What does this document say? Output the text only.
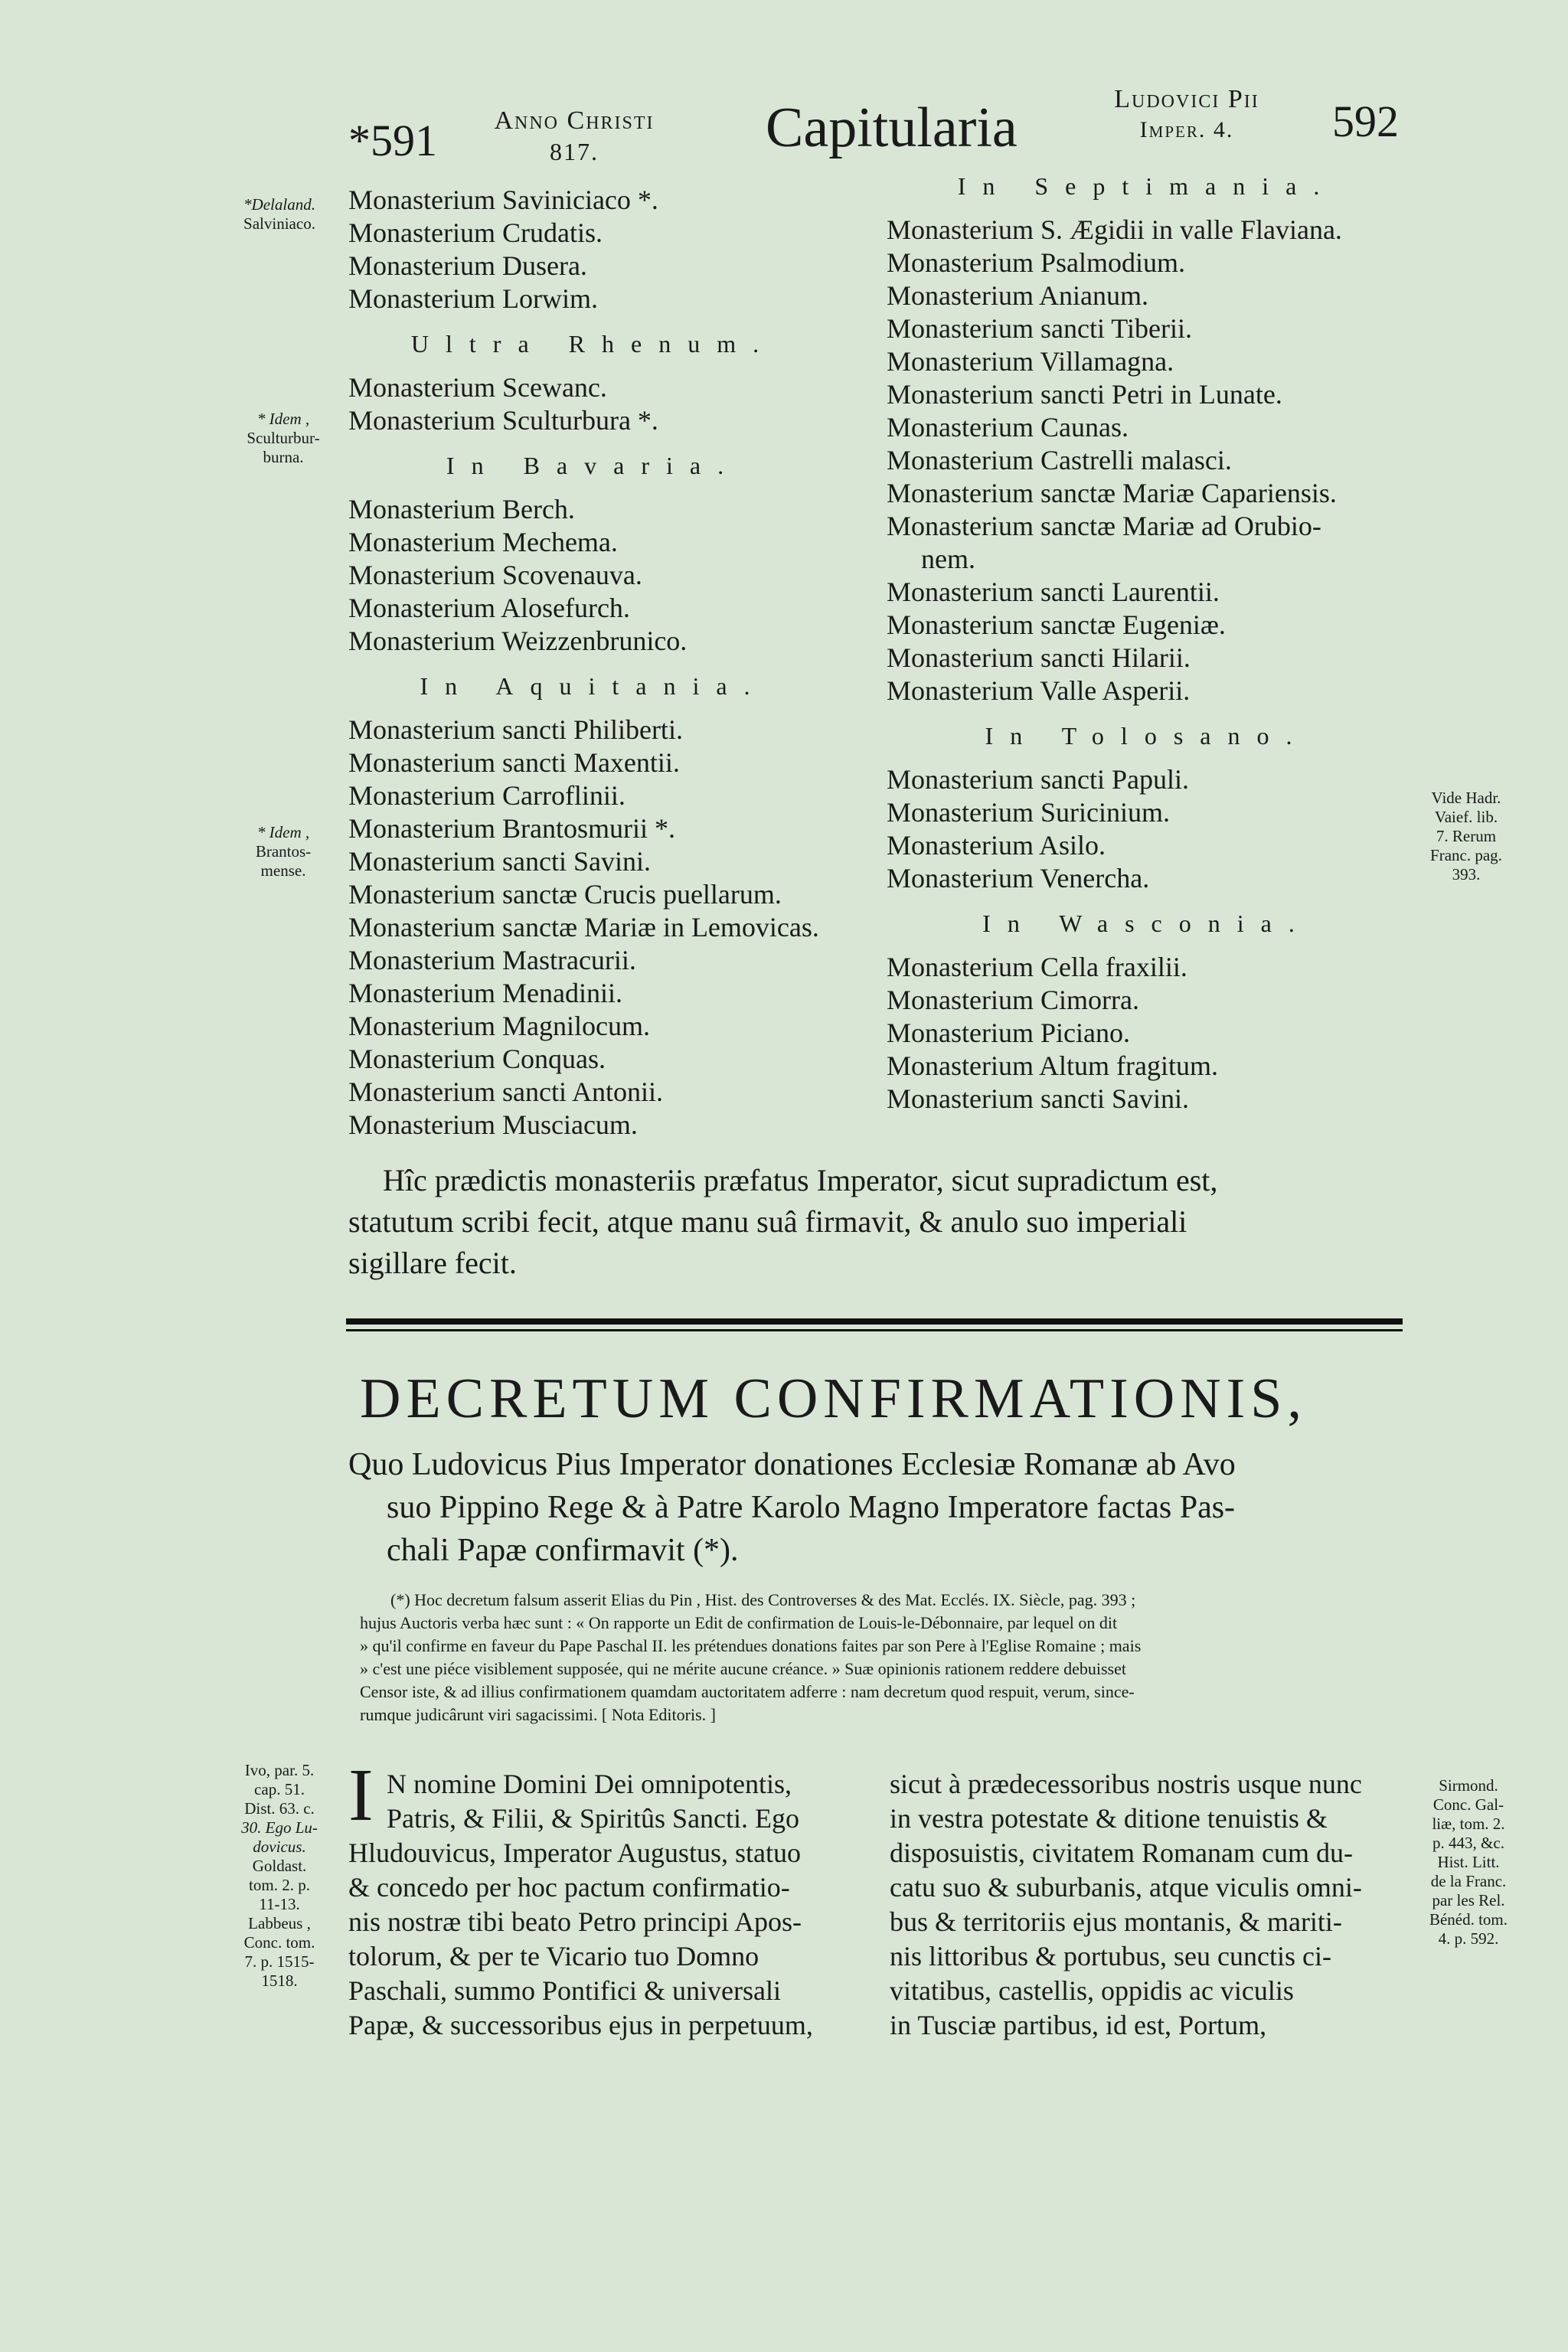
*591	Anno Christi
817.	Capitularia	Ludovici Pii
Imper. 4.	592
*Delaland.
Salviniaco.
* Idem ,
Sculturbur-
burna.
* Idem ,
Brantos-
mense.
Vide Hadr.
Vaief. lib.
7. Rerum
Franc. pag.
393.
Monasterium Saviniciaco *.
Monasterium Crudatis.
Monasterium Dusera.
Monasterium Lorwim.
Ultra Rhenum.
Monasterium Scewanc.
Monasterium Sculturbura *.
In Bavaria.
Monasterium Berch.
Monasterium Mechema.
Monasterium Scovenauva.
Monasterium Alosefurch.
Monasterium Weizzenbrunico.
In Aquitania.
Monasterium sancti Philiberti.
Monasterium sancti Maxentii.
Monasterium Carroflinii.
Monasterium Brantosmurii *.
Monasterium sancti Savini.
Monasterium sanctæ Crucis puellarum.
Monasterium sanctæ Mariæ in Lemovicas.
Monasterium Mastracurii.
Monasterium Menadinii.
Monasterium Magnilocum.
Monasterium Conquas.
Monasterium sancti Antonii.
Monasterium Musciacum.
In Septimania.
Monasterium S. Ægidii in valle Flaviana.
Monasterium Psalmodium.
Monasterium Anianum.
Monasterium sancti Tiberii.
Monasterium Villamagna.
Monasterium sancti Petri in Lunate.
Monasterium Caunas.
Monasterium Castrelli malasci.
Monasterium sanctæ Mariæ Capariensis.
Monasterium sanctæ Mariæ ad Orubio-
nem.
Monasterium sancti Laurentii.
Monasterium sanctæ Eugeniæ.
Monasterium sancti Hilarii.
Monasterium Valle Asperii.
In Tolosano.
Monasterium sancti Papuli.
Monasterium Suricinium.
Monasterium Asilo.
Monasterium Venercha.
In Wasconia.
Monasterium Cella fraxilii.
Monasterium Cimorra.
Monasterium Piciano.
Monasterium Altum fragitum.
Monasterium sancti Savini.
Hîc prædictis monasteriis præfatus Imperator, sicut supradictum est,
statutum scribi fecit, atque manu suâ firmavit, & anulo suo imperiali
sigillare fecit.
DECRETUM CONFIRMATIONIS,
Quo Ludovicus Pius Imperator donationes Ecclesiæ Romanæ ab Avo
suo Pippino Rege & à Patre Karolo Magno Imperatore factas Pas-
chali Papæ confirmavit (*).
(*) Hoc decretum falsum asserit Elias du Pin , Hist. des Controverses & des Mat. Ecclés. IX. Siècle, pag. 393 ;
hujus Auctoris verba hæc sunt : « On rapporte un Edit de confirmation de Louis-le-Débonnaire, par lequel on dit
» qu'il confirme en faveur du Pape Paschal II. les prétendues donations faites par son Pere à l'Eglise Romaine ; mais
» c'est une piéce visiblement supposée, qui ne mérite aucune créance. » Suæ opinionis rationem reddere debuisset
Censor iste, & ad illius confirmationem quamdam auctoritatem adferre : nam decretum quod respuit, verum, since-
rumque judicârunt viri sagacissimi. [ Nota Editoris. ]
Ivo, par. 5.
cap. 51.
Dist. 63. c.
30. Ego Lu-
dovicus.
Goldast.
tom. 2. p.
11-13.
Labbeus ,
Conc. tom.
7. p. 1515-
1518.
Sirmond.
Conc. Gal-
liæ, tom. 2.
p. 443, &c.
Hist. Litt.
de la Franc.
par les Rel.
Bénéd. tom.
4. p. 592.
I N nomine Domini Dei omnipotentis,
Patris, & Filii, & Spiritûs Sancti. Ego
Hludouvicus, Imperator Augustus, statuo
& concedo per hoc pactum confirmatio-
nis nostræ tibi beato Petro principi Apos-
tolorum, & per te Vicario tuo Domno
Paschali, summo Pontifici & universali
Papæ, & successoribus ejus in perpetuum,
sicut à prædecessoribus nostris usque nunc
in vestra potestate & ditione tenuistis &
disposuistis, civitatem Romanam cum du-
catu suo & suburbanis, atque viculis omni-
bus & territoriis ejus montanis, & mariti-
nis littoribus & portubus, seu cunctis ci-
vitatibus, castellis, oppidis ac viculis
in Tusciæ partibus, id est, Portum,
